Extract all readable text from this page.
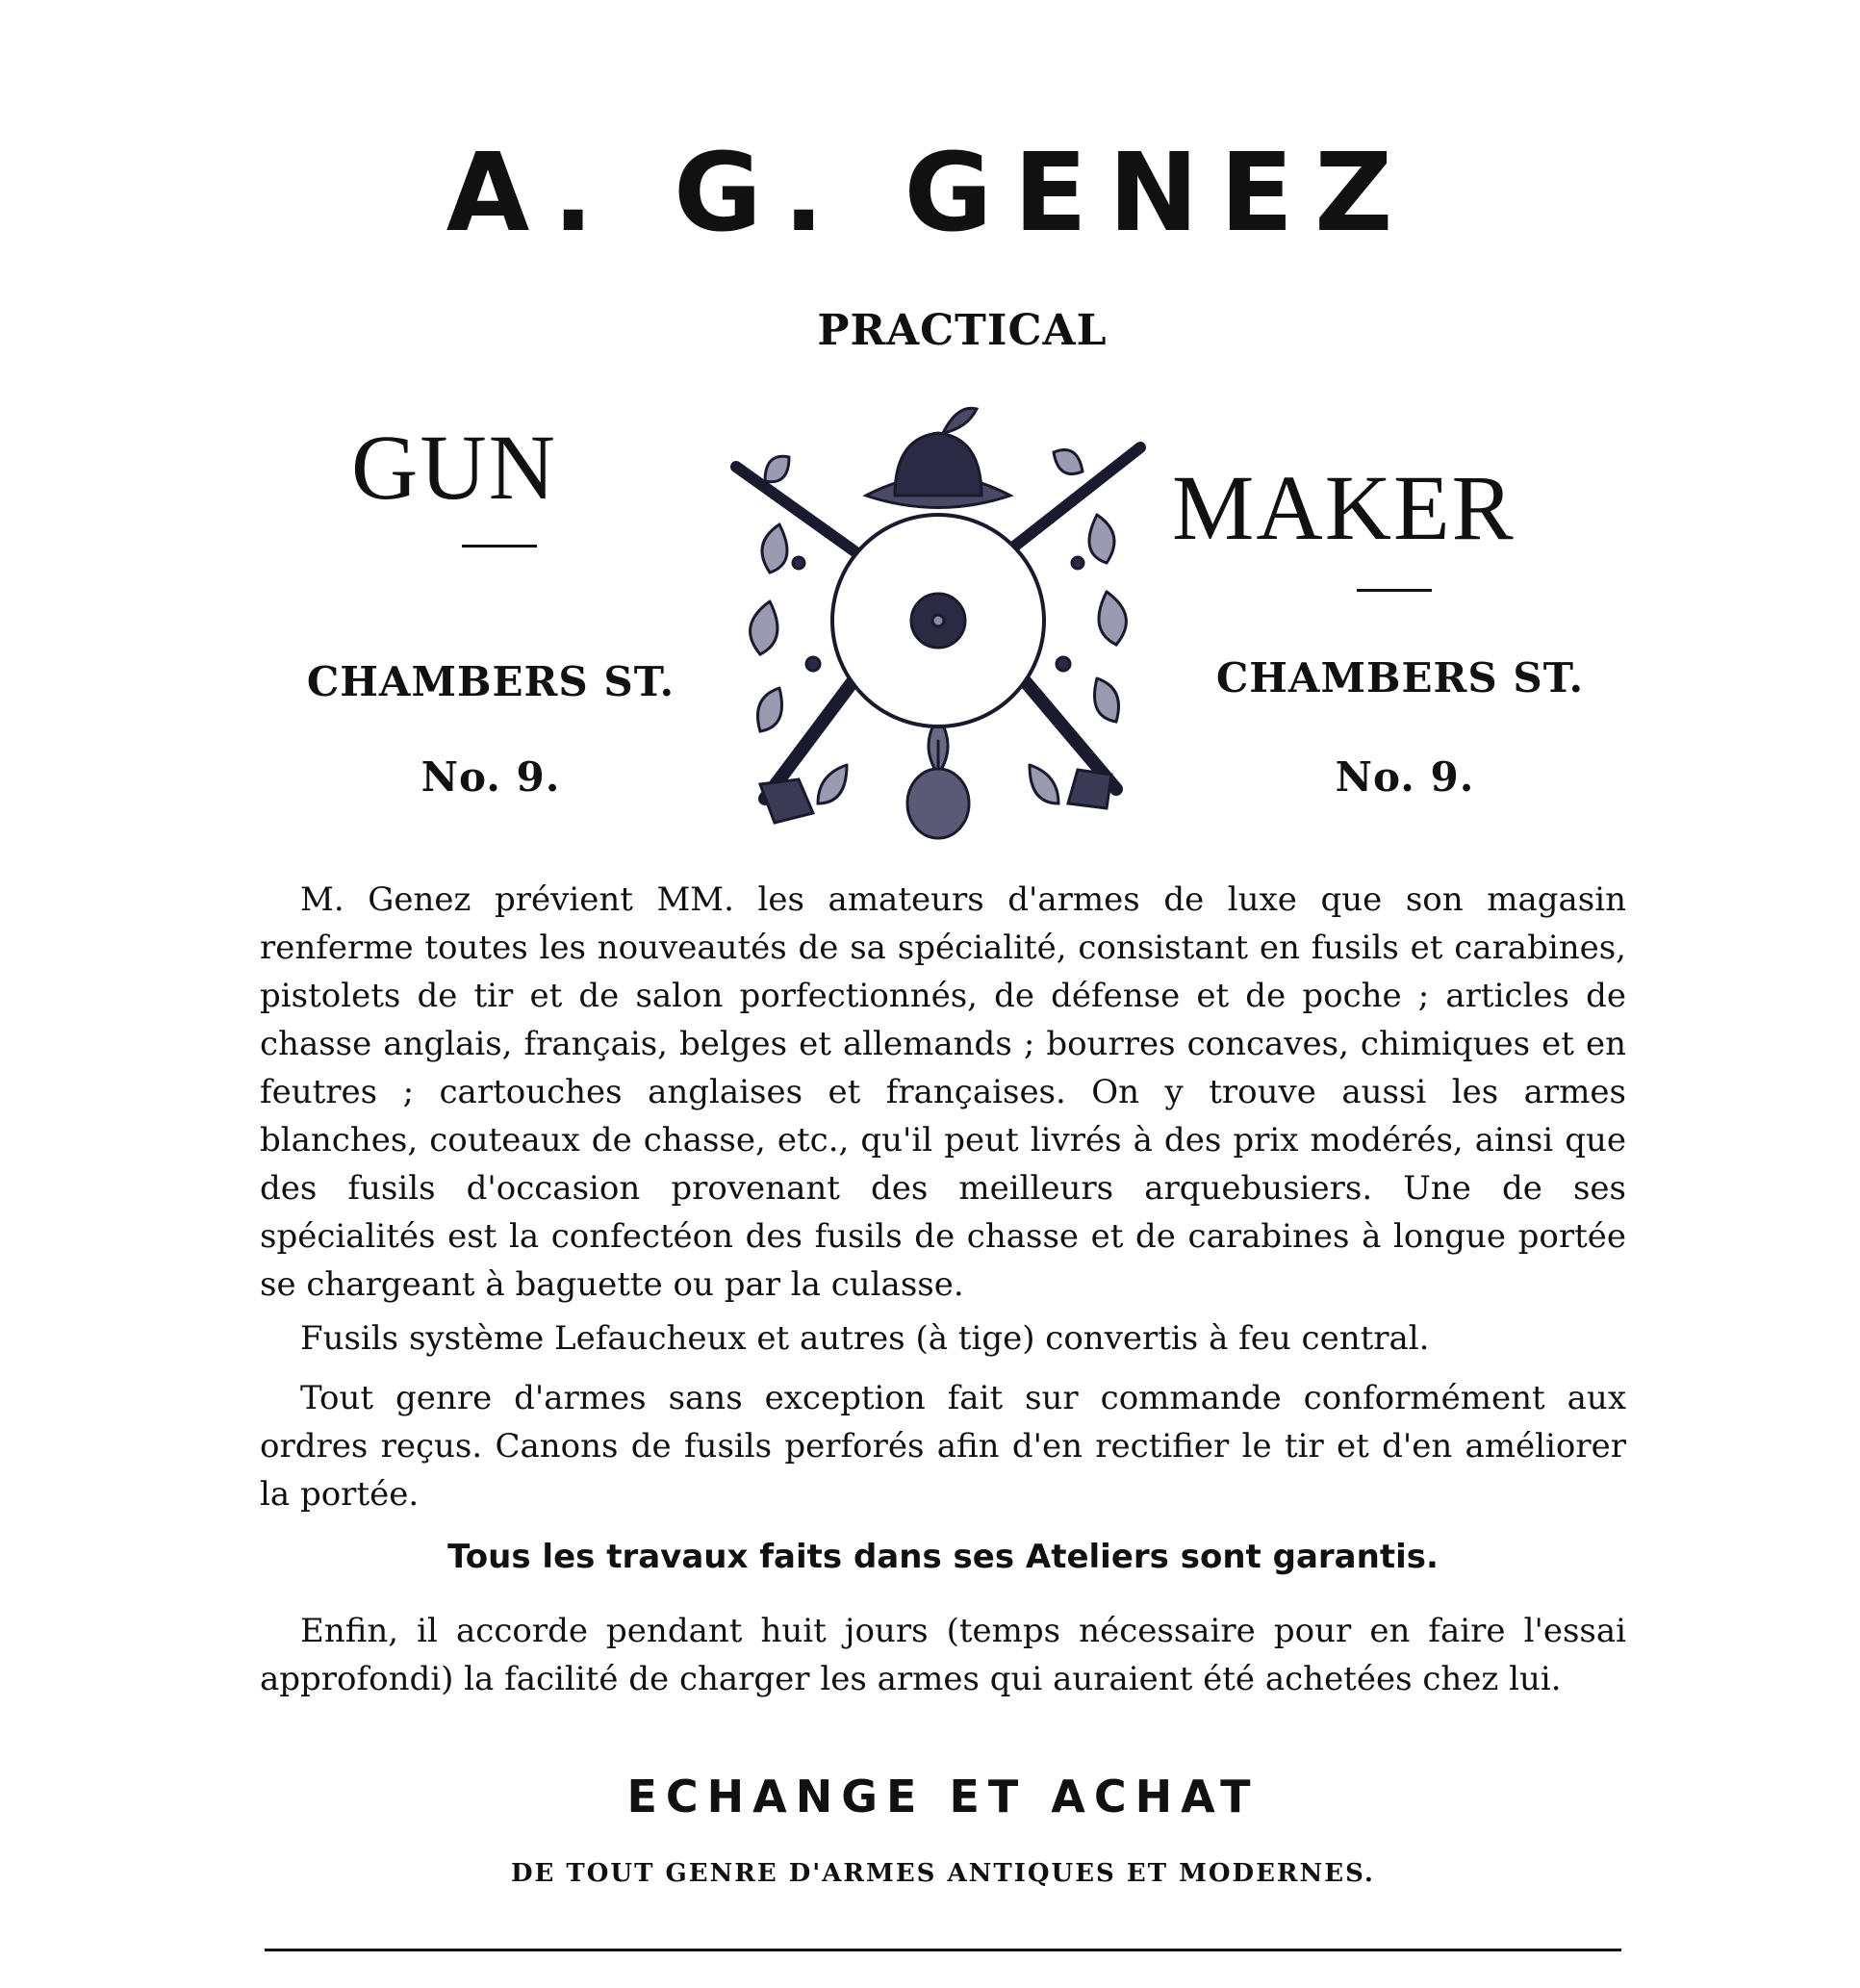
A. G. GENEZ
PRACTICAL
GUN	MAKER
CHAMBERS ST.	CHAMBERS ST.
No. 9.	No. 9.

M. Genez prévient MM. les amateurs d'armes de luxe que son magasin renferme toutes les nouveautés de sa spécialité, consistant en fusils et carabines, pistolets de tir et de salon porfectionnés, de défense et de poche ; articles de chasse anglais, français, belges et allemands ; bourres concaves, chimiques et en feutres ; cartouches anglaises et françaises. On y trouve aussi les armes blanches, couteaux de chasse, etc., qu'il peut livrés à des prix modérés, ainsi que des fusils d'occasion provenant des meilleurs arquebusiers. Une de ses spécialités est la confectéon des fusils de chasse et de carabines à longue portée se chargeant à baguette ou par la culasse.

Fusils système Lefaucheux et autres (à tige) convertis à feu central.

Tout genre d'armes sans exception fait sur commande conformément aux ordres reçus. Canons de fusils perforés afin d'en rectifier le tir et d'en améliorer la portée.

Tous les travaux faits dans ses Ateliers sont garantis.

Enfin, il accorde pendant huit jours (temps nécessaire pour en faire l'essai approfondi) la facilité de charger les armes qui auraient été achetées chez lui.

ECHANGE ET ACHAT
DE TOUT GENRE D'ARMES ANTIQUES ET MODERNES.
